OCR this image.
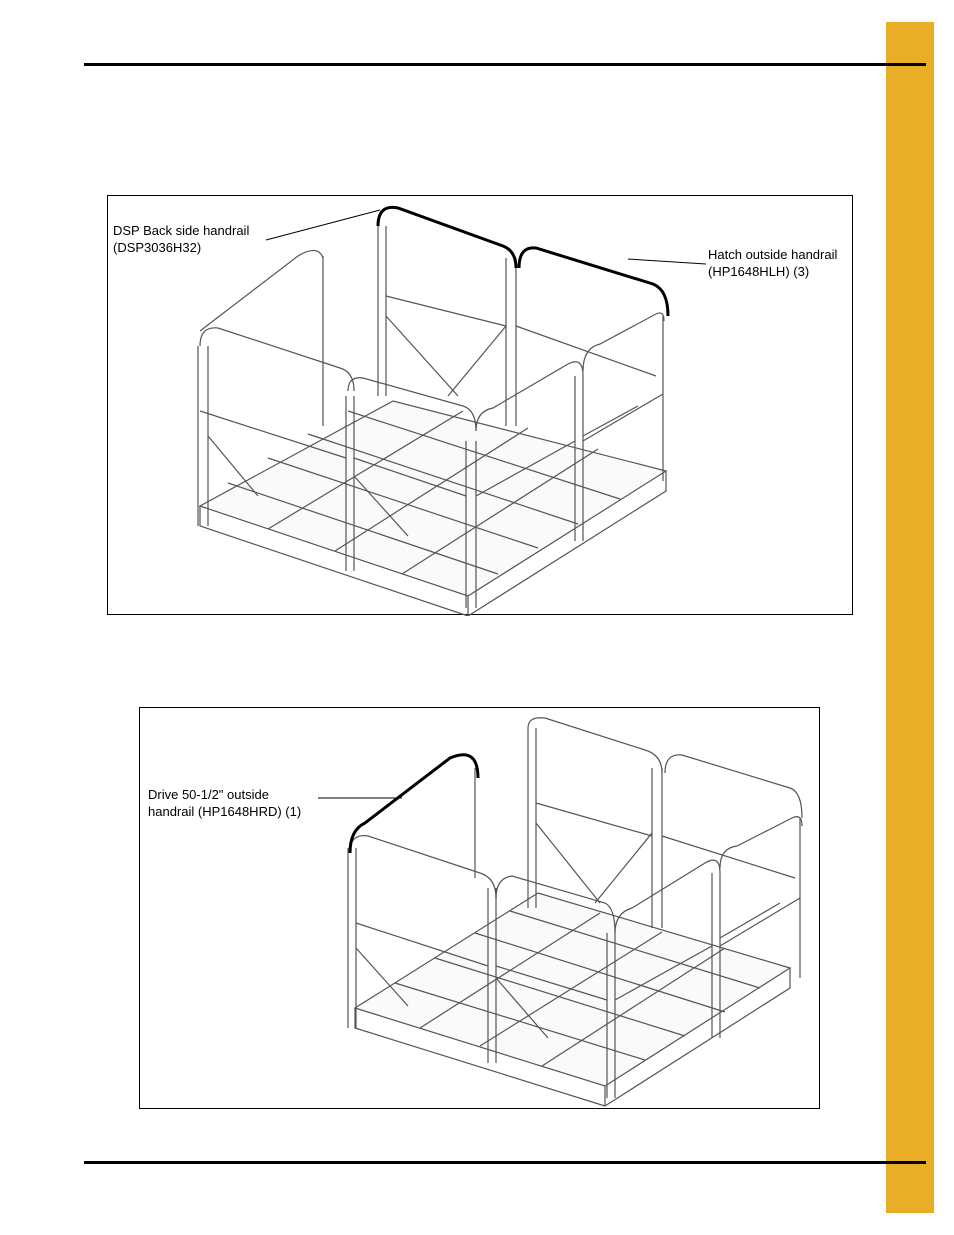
DSP Back side handrail
(DSP3036H32)	Hatch outside handrail
(HP1648HLH) (3)
Drive 50-1/2" outside
handrail (HP1648HRD) (1)
